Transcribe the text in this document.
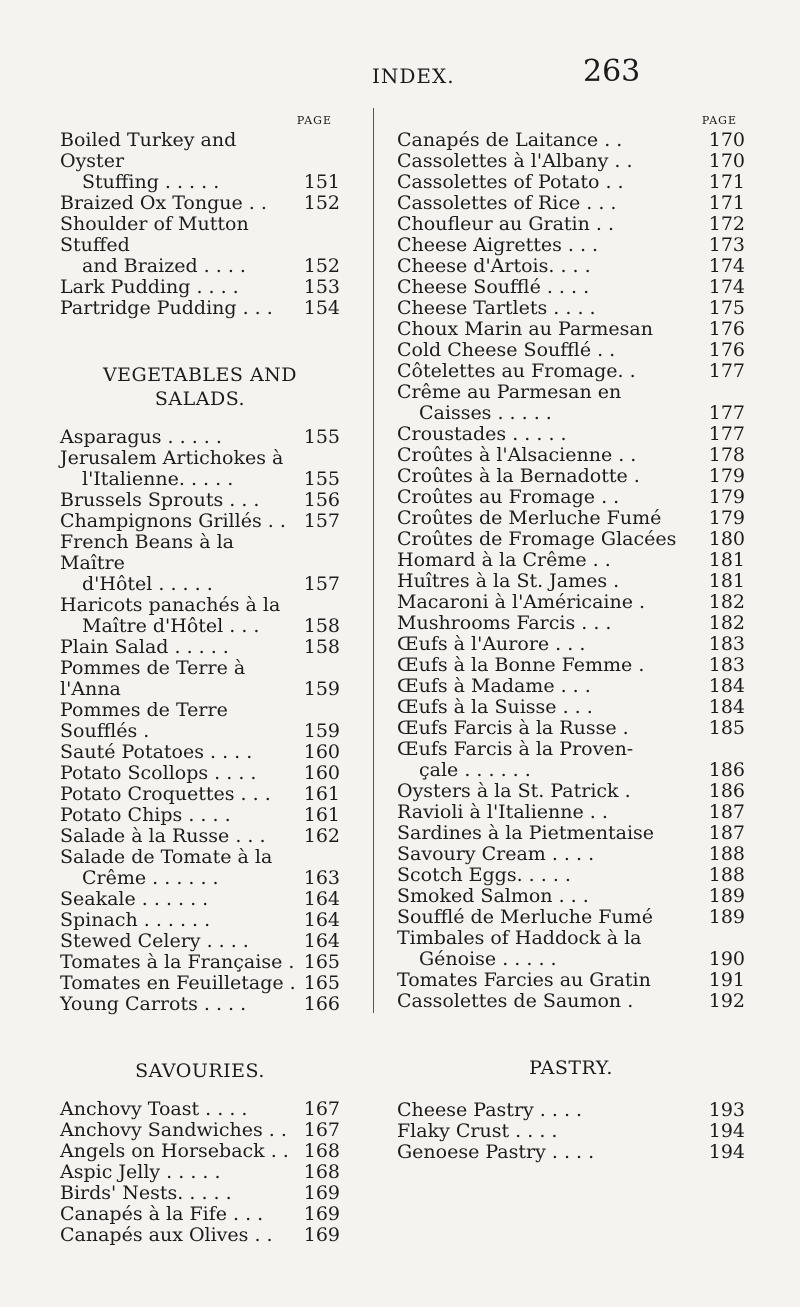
INDEX.	263
PAGE
Boiled Turkey and Oyster
Stuffing . . . . .	151
Braized Ox Tongue . .	152
Shoulder of Mutton Stuffed
and Braized . . . .	152
Lark Pudding . . . .	153
Partridge Pudding . . .	154
VEGETABLES AND SALADS.
Asparagus . . . . .	155
Jerusalem Artichokes à
l'Italienne. . . . .	155
Brussels Sprouts . . .	156
Champignons Grillés . . 157
French Beans à la Maître
d'Hôtel . . . . .	157
Haricots panachés à la
Maître d'Hôtel . . .	158
Plain Salad . . . . .	158
Pommes de Terre à l'Anna	159
Pommes de Terre Soufflés .	159
Sauté Potatoes . . . .	160
Potato Scollops . . . .	160
Potato Croquettes . . .	161
Potato Chips . . . .	161
Salade à la Russe . . .	162
Salade de Tomate à la
Crême . . . . . .	163
Seakale . . . . . .	164
Spinach . . . . . .	164
Stewed Celery . . . .	164
Tomates à la Française . 165
Tomates en Feuilletage . 165
Young Carrots . . . .	166
SAVOURIES.
Anchovy Toast . . . .	167
Anchovy Sandwiches . . 167
Angels on Horseback . . 168
Aspic Jelly . . . . .	168
Birds' Nests. . . . .	169
Canapés à la Fife . . .	169
Canapés aux Olives . .	169
PAGE
Canapés de Laitance . .	170
Cassolettes à l'Albany . .	170
Cassolettes of Potato . .	171
Cassolettes of Rice . . .	171
Choufleur au Gratin . .	172
Cheese Aigrettes . . .	173
Cheese d'Artois. . . .	174
Cheese Soufflé . . . .	174
Cheese Tartlets . . . .	175
Choux Marin au Parmesan	176
Cold Cheese Soufflé . .	176
Côtelettes au Fromage. .	177
Crême au Parmesan en
Caisses . . . . .	177
Croustades . . . . .	177
Croûtes à l'Alsacienne . .	178
Croûtes à la Bernadotte .	179
Croûtes au Fromage . .	179
Croûtes de Merluche Fumé	179
Croûtes de Fromage Glacées	180
Homard à la Crême . .	181
Huîtres à la St. James .	181
Macaroni à l'Américaine .	182
Mushrooms Farcis . . .	182
Œufs à l'Aurore . . .	183
Œufs à la Bonne Femme .	183
Œufs à Madame . . .	184
Œufs à la Suisse . . .	184
Œufs Farcis à la Russe .	185
Œufs Farcis à la Proven-
çale . . . . . .	186
Oysters à la St. Patrick .	186
Ravioli à l'Italienne . .	187
Sardines à la Pietmentaise	187
Savoury Cream . . . .	188
Scotch Eggs. . . . .	188
Smoked Salmon . . .	189
Soufflé de Merluche Fumé	189
Timbales of Haddock à la
Génoise . . . . .	190
Tomates Farcies au Gratin	191
Cassolettes de Saumon .	192
PASTRY.
Cheese Pastry . . . .	193
Flaky Crust . . . .	194
Genoese Pastry . . . .	194
